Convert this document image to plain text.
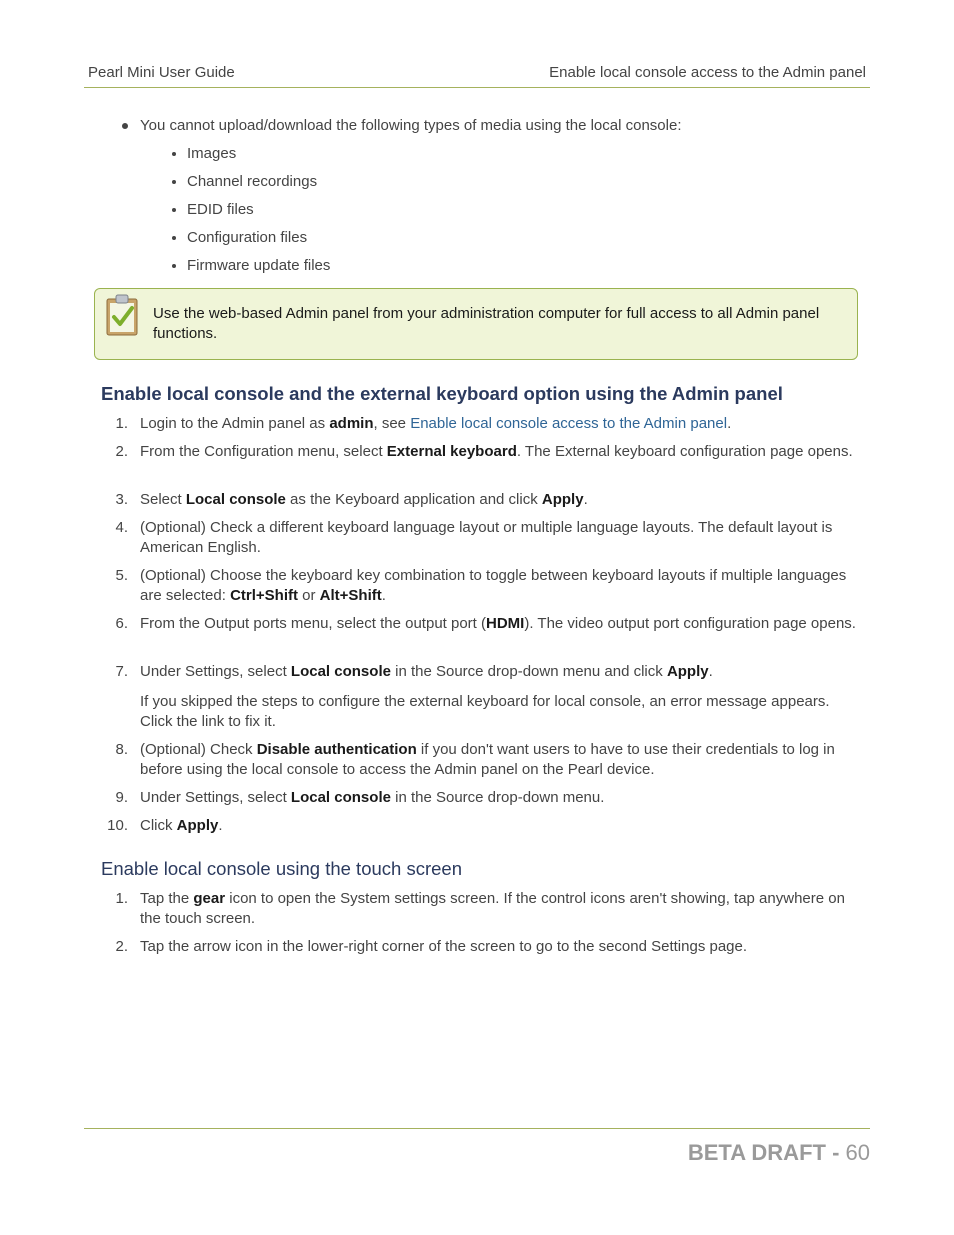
Pearl Mini User Guide	Enable local console access to the Admin panel
You cannot upload/download the following types of media using the local console:
Images
Channel recordings
EDID files
Configuration files
Firmware update files
Use the web-based Admin panel from your administration computer for full access to all Admin panel functions.
Enable local console and the external keyboard option using the Admin panel
1. Login to the Admin panel as admin, see Enable local console access to the Admin panel.
2. From the Configuration menu, select External keyboard. The External keyboard configuration page opens.
3. Select Local console as the Keyboard application and click Apply.
4. (Optional) Check a different keyboard language layout or multiple language layouts. The default layout is American English.
5. (Optional) Choose the keyboard key combination to toggle between keyboard layouts if multiple languages are selected: Ctrl+Shift or Alt+Shift.
6. From the Output ports menu, select the output port (HDMI). The video output port configuration page opens.
7. Under Settings, select Local console in the Source drop-down menu and click Apply.
If you skipped the steps to configure the external keyboard for local console, an error message appears. Click the link to fix it.
8. (Optional) Check Disable authentication if you don't want users to have to use their credentials to log in before using the local console to access the Admin panel on the Pearl device.
9. Under Settings, select Local console in the Source drop-down menu.
10. Click Apply.
Enable local console using the touch screen
1. Tap the gear icon to open the System settings screen. If the control icons aren't showing, tap anywhere on the touch screen.
2. Tap the arrow icon in the lower-right corner of the screen to go to the second Settings page.
BETA DRAFT - 60
